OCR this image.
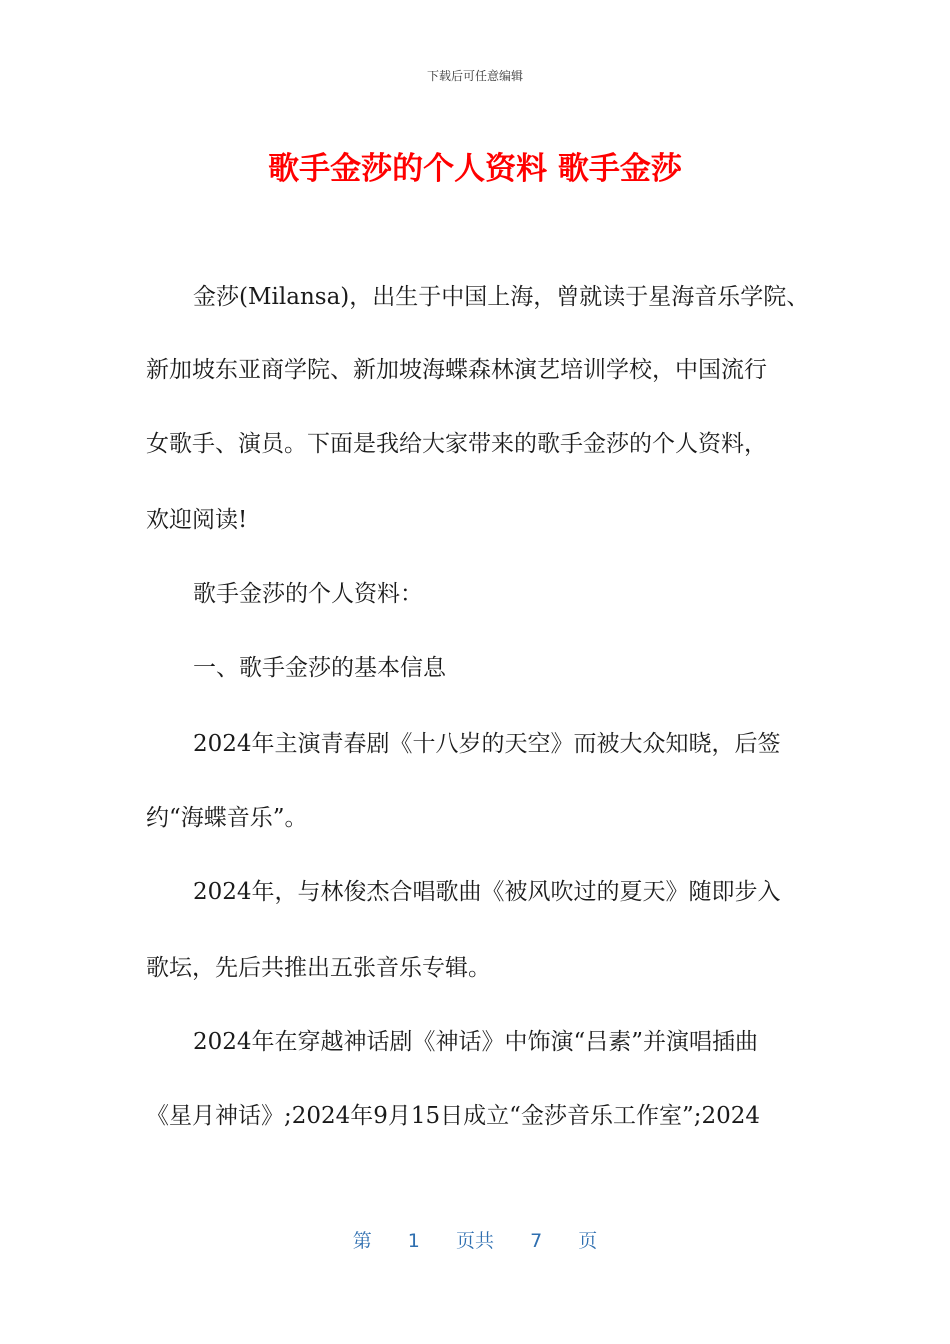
下载后可任意编辑
歌手金莎的个人资料 歌手金莎
金莎(Milansa)，出生于中国上海，曾就读于星海音乐学院、
新加坡东亚商学院、新加坡海蝶森林演艺培训学校，中国流行
女歌手、演员。下面是我给大家带来的歌手金莎的个人资料，
欢迎阅读!
歌手金莎的个人资料：
一、歌手金莎的基本信息
2024年主演青春剧《十八岁的天空》而被大众知晓，后签
约“海蝶音乐”。
2024年，与林俊杰合唱歌曲《被风吹过的夏天》随即步入
歌坛，先后共推出五张音乐专辑。
2024年在穿越神话剧《神话》中饰演“吕素”并演唱插曲
《星月神话》;2024年9月15日成立“金莎音乐工作室”;2024
第 1 页共 7 页
